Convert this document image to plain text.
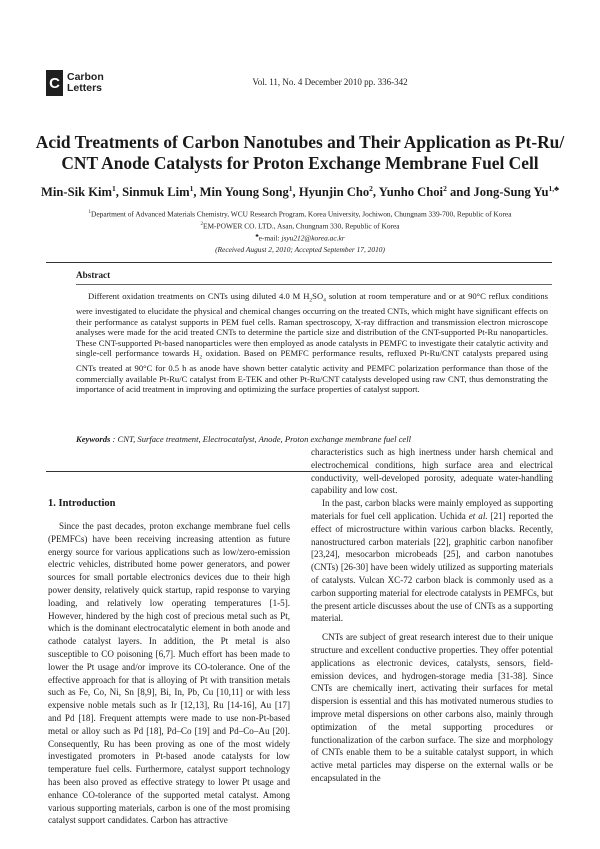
C Carbon
Letters	Vol. 11, No. 4 December 2010 pp. 336-342
Acid Treatments of Carbon Nanotubes and Their Application as Pt-Ru/
CNT Anode Catalysts for Proton Exchange Membrane Fuel Cell
Min-Sik Kim$^1$, Sinmuk Lim$^1$, Min Young Song$^1$, Hyunjin Cho$^2$, Yunho Choi$^2$ and Jong-Sung $Yu^{1,♣}$
$^1$Department of Advanced Materials Chemistry, WCU Research Program, Korea University, Jochiwon, Chungnam 339-700, Republic of Korea
$^2$EM-POWER CO. LTD., Asan, Chungnam 330, Republic of Korea
♣e-mail: jsyu212@korea.ac.kr
(Received August 2, 2010; Accepted September 17, 2010)
Abstract
Different oxidation treatments on CNTs using diluted 4.0 M $H_2SO_4$ solution at room temperature and or at 90°C reflux conditions were investigated to elucidate the physical and chemical changes occurring on the treated CNTs, which might have significant effects on their performance as catalyst supports in PEM fuel cells. Raman spectroscopy, X-ray diffraction and transmission electron microscope analyses were made for the acid treated CNTs to determine the particle size and distribution of the CNT-supported Pt-Ru nanoparticles. These CNT-supported Pt-based nanoparticles were then employed as anode catalysts in PEMFC to investigate their catalytic activity and single-cell performance towards $H_2$ oxidation. Based on PEMFC performance results, refluxed Pt-Ru/CNT catalysts prepared using CNTs treated at 90°C for 0.5 h as anode have shown better catalytic activity and PEMFC polarization performance than those of the commercially available Pt-Ru/C catalyst from E-TEK and other Pt-Ru/CNT catalysts developed using raw CNT, thus demonstrating the importance of acid treatment in improving and optimizing the surface properties of catalyst support.
Keywords : CNT, Surface treatment, Electrocatalyst, Anode, Proton exchange membrane fuel cell
1. Introduction

Since the past decades, proton exchange membrane fuel cells (PEMFCs) have been receiving increasing attention as future energy source for various applications such as low/zero-emission electric vehicles, distributed home power generators, and power sources for small portable electronics devices due to their high power density, relatively quick startup, rapid response to varying loading, and relatively low operating temperatures [1-5]. However, hindered by the high cost of precious metal such as Pt, which is the dominant electrocatalytic element in both anode and cathode catalyst layers. In addition, the Pt metal is also susceptible to CO poisoning [6,7]. Much effort has been made to lower the Pt usage and/or improve its CO-tolerance. One of the effective approach for that is alloying of Pt with transition metals such as Fe, Co, Ni, Sn [8,9], Bi, In, Pb, Cu [10,11] or with less expensive noble metals such as Ir [12,13], Ru [14-16], Au [17] and Pd [18]. Frequent attempts were made to use non-Pt-based metal or alloy such as Pd [18], Pd–Co [19] and Pd–Co–Au [20]. Consequently, Ru has been proving as one of the most widely investigated promoters in Pt-based anode catalysts for low temperature fuel cells. Furthermore, catalyst support technology has been also proved as effective strategy to lower Pt usage and enhance CO-tolerance of the supported metal catalyst. Among various supporting materials, carbon is one of the most promising catalyst support candidates. Carbon has attractive

characteristics such as high inertness under harsh chemical and electrochemical conditions, high surface area and electrical conductivity, well-developed porosity, adequate water-handling capability and low cost.

In the past, carbon blacks were mainly employed as supporting materials for fuel cell application. Uchida et al. [21] reported the effect of microstructure within various carbon blacks. Recently, nanostructured carbon materials [22], graphitic carbon nanofiber [23,24], mesocarbon microbeads [25], and carbon nanotubes (CNTs) [26-30] have been widely utilized as supporting materials of catalysts. Vulcan XC-72 carbon black is commonly used as a carbon supporting material for electrode catalysts in PEMFCs, but the present article discusses about the use of CNTs as a supporting material.

CNTs are subject of great research interest due to their unique structure and excellent conductive properties. They offer potential applications as electronic devices, catalysts, sensors, field-emission devices, and hydrogen-storage media [31-38]. Since CNTs are chemically inert, activating their surfaces for metal dispersion is essential and this has motivated numerous studies to improve metal dispersions on other carbons also, mainly through optimization of the metal supporting procedures or functionalization of the carbon surface. The size and morphology of CNTs enable them to be a suitable catalyst support, in which active metal particles may disperse on the external walls or be encapsulated in the
